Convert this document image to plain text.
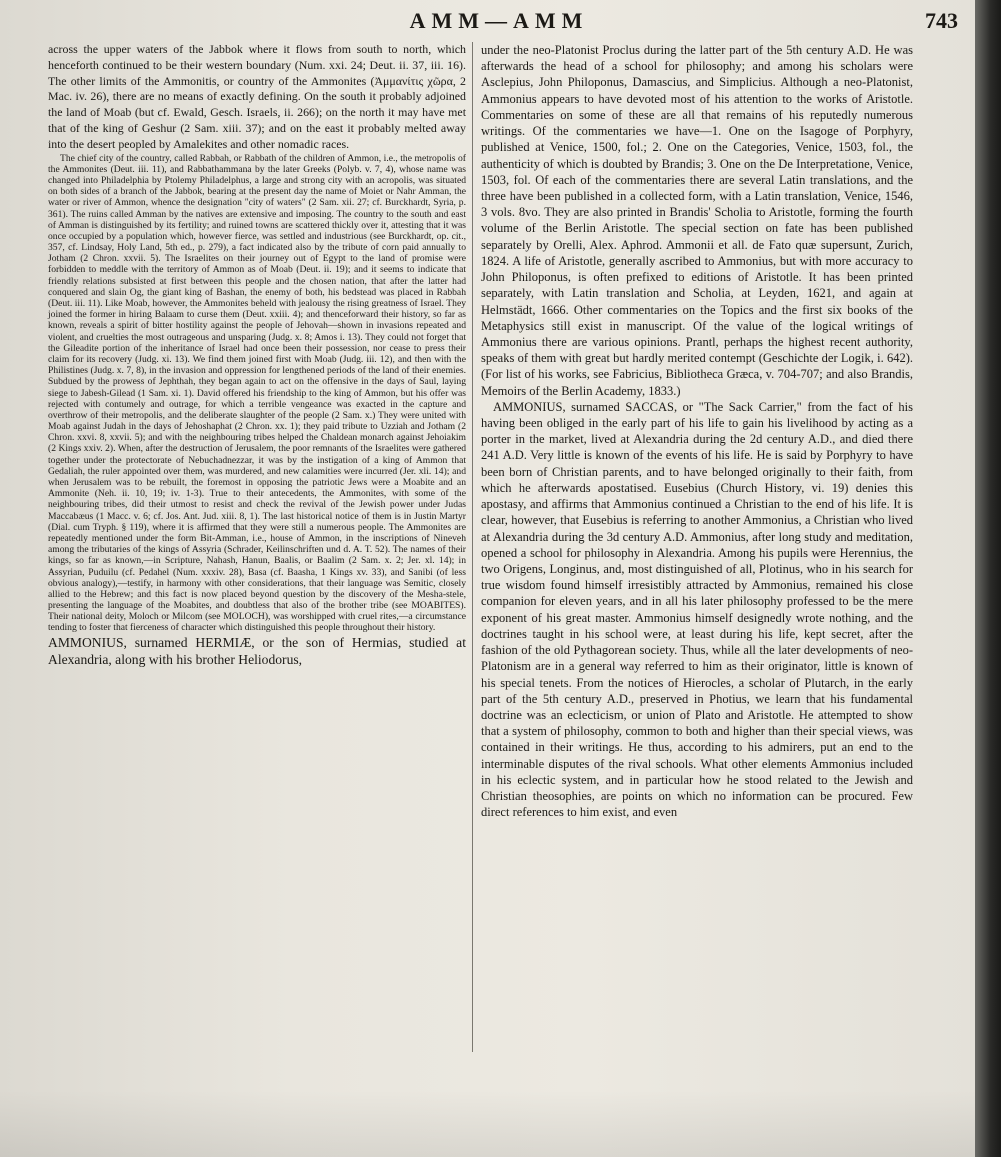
AMM—AMM	743

across the upper waters of the Jabbok where it flows from south to north, which henceforth continued to be their western boundary (Num. xxi. 24; Deut. ii. 37, iii. 16). The other limits of the Ammonitis, or country of the Ammonites (Ἀμμανίτις χῶρα, 2 Mac. iv. 26), there are no means of exactly defining. On the south it probably adjoined the land of Moab (but cf. Ewald, Gesch. Israels, ii. 266); on the north it may have met that of the king of Geshur (2 Sam. xiii. 37); and on the east it probably melted away into the desert peopled by Amalekites and other nomadic races.

The chief city of the country, called Rabbah, or Rabbath of the children of Ammon, i.e., the metropolis of the Ammonites (Deut. iii. 11), and Rabbathammana by the later Greeks (Polyb. v. 7, 4), whose name was changed into Philadelphia by Ptolemy Philadelphus, a large and strong city with an acropolis, was situated on both sides of a branch of the Jabbok, bearing at the present day the name of Moiet or Nahr Amman, the water or river of Ammon, whence the designation "city of waters" (2 Sam. xii. 27; cf. Burckhardt, Syria, p. 361). The ruins called Amman by the natives are extensive and imposing. The country to the south and east of Amman is distinguished by its fertility; and ruined towns are scattered thickly over it, attesting that it was once occupied by a population which, however fierce, was settled and industrious (see Burckhardt, op. cit., 357, cf. Lindsay, Holy Land, 5th ed., p. 279), a fact indicated also by the tribute of corn paid annually to Jotham (2 Chron. xxvii. 5). The Israelites on their journey out of Egypt to the land of promise were forbidden to meddle with the territory of Ammon as of Moab (Deut. ii. 19); and it seems to indicate that friendly relations subsisted at first between this people and the chosen nation, that after the latter had conquered and slain Og, the giant king of Bashan, the enemy of both, his bedstead was placed in Rabbah (Deut. iii. 11). Like Moab, however, the Ammonites beheld with jealousy the rising greatness of Israel. They joined the former in hiring Balaam to curse them (Deut. xxiii. 4); and thenceforward their history, so far as known, reveals a spirit of bitter hostility against the people of Jehovah—shown in invasions repeated and violent, and cruelties the most outrageous and unsparing (Judg. x. 8; Amos i. 13). They could not forget that the Gileadite portion of the inheritance of Israel had once been their possession, nor cease to press their claim for its recovery (Judg. xi. 13). We find them joined first with Moab (Judg. iii. 12), and then with the Philistines (Judg. x. 7, 8), in the invasion and oppression for lengthened periods of the land of their enemies. Subdued by the prowess of Jephthah, they began again to act on the offensive in the days of Saul, laying siege to Jabesh-Gilead (1 Sam. xi. 1). David offered his friendship to the king of Ammon, but his offer was rejected with contumely and outrage, for which a terrible vengeance was exacted in the capture and overthrow of their metropolis, and the deliberate slaughter of the people (2 Sam. x.) They were united with Moab against Judah in the days of Jehoshaphat (2 Chron. xx. 1); they paid tribute to Uzziah and Jotham (2 Chron. xxvi. 8, xxvii. 5); and with the neighbouring tribes helped the Chaldean monarch against Jehoiakim (2 Kings xxiv. 2). When, after the destruction of Jerusalem, the poor remnants of the Israelites were gathered together under the protectorate of Nebuchadnezzar, it was by the instigation of a king of Ammon that Gedaliah, the ruler appointed over them, was murdered, and new calamities were incurred (Jer. xli. 14); and when Jerusalem was to be rebuilt, the foremost in opposing the patriotic Jews were a Moabite and an Ammonite (Neh. ii. 10, 19; iv. 1-3). True to their antecedents, the Ammonites, with some of the neighbouring tribes, did their utmost to resist and check the revival of the Jewish power under Judas Maccabæus (1 Macc. v. 6; cf. Jos. Ant. Jud. xiii. 8, 1). The last historical notice of them is in Justin Martyr (Dial. cum Tryph. § 119), where it is affirmed that they were still a numerous people. The Ammonites are repeatedly mentioned under the form Bit-Amman, i.e., house of Ammon, in the inscriptions of Nineveh among the tributaries of the kings of Assyria (Schrader, Keilinschriften und d. A. T. 52). The names of their kings, so far as known,—in Scripture, Nahash, Hanun, Baalis, or Baalim (2 Sam. x. 2; Jer. xl. 14); in Assyrian, Puduilu (cf. Pedahel (Num. xxxiv. 28), Basa (cf. Baasha, 1 Kings xv. 33), and Sanibi (of less obvious analogy),—testify, in harmony with other considerations, that their language was Semitic, closely allied to the Hebrew; and this fact is now placed beyond question by the discovery of the Mesha-stele, presenting the language of the Moabites, and doubtless that also of the brother tribe (see MOABITES). Their national deity, Moloch or Milcom (see MOLOCH), was worshipped with cruel rites,—a circumstance tending to foster that fierceness of character which distinguished this people throughout their history.

AMMONIUS, surnamed HERMIÆ, or the son of Hermias, studied at Alexandria, along with his brother Heliodorus,

under the neo-Platonist Proclus during the latter part of the 5th century A.D. He was afterwards the head of a school for philosophy; and among his scholars were Asclepius, John Philoponus, Damascius, and Simplicius. Although a neo-Platonist, Ammonius appears to have devoted most of his attention to the works of Aristotle. Commentaries on some of these are all that remains of his reputedly numerous writings. Of the commentaries we have—1. One on the Isagoge of Porphyry, published at Venice, 1500, fol.; 2. One on the Categories, Venice, 1503, fol., the authenticity of which is doubted by Brandis; 3. One on the De Interpretatione, Venice, 1503, fol. Of each of the commentaries there are several Latin translations, and the three have been published in a collected form, with a Latin translation, Venice, 1546, 3 vols. 8vo. They are also printed in Brandis' Scholia to Aristotle, forming the fourth volume of the Berlin Aristotle. The special section on fate has been published separately by Orelli, Alex. Aphrod. Ammonii et all. de Fato quæ supersunt, Zurich, 1824. A life of Aristotle, generally ascribed to Ammonius, but with more accuracy to John Philoponus, is often prefixed to editions of Aristotle. It has been printed separately, with Latin translation and Scholia, at Leyden, 1621, and again at Helmstädt, 1666. Other commentaries on the Topics and the first six books of the Metaphysics still exist in manuscript. Of the value of the logical writings of Ammonius there are various opinions. Prantl, perhaps the highest recent authority, speaks of them with great but hardly merited contempt (Geschichte der Logik, i. 642). (For list of his works, see Fabricius, Bibliotheca Græca, v. 704-707; and also Brandis, Memoirs of the Berlin Academy, 1833.)

AMMONIUS, surnamed SACCAS, or "The Sack Carrier," from the fact of his having been obliged in the early part of his life to gain his livelihood by acting as a porter in the market, lived at Alexandria during the 2d century A.D., and died there 241 A.D. Very little is known of the events of his life. He is said by Porphyry to have been born of Christian parents, and to have belonged originally to their faith, from which he afterwards apostatised. Eusebius (Church History, vi. 19) denies this apostasy, and affirms that Ammonius continued a Christian to the end of his life. It is clear, however, that Eusebius is referring to another Ammonius, a Christian who lived at Alexandria during the 3d century A.D. Ammonius, after long study and meditation, opened a school for philosophy in Alexandria. Among his pupils were Herennius, the two Origens, Longinus, and, most distinguished of all, Plotinus, who in his search for true wisdom found himself irresistibly attracted by Ammonius, remained his close companion for eleven years, and in all his later philosophy professed to be the mere exponent of his great master. Ammonius himself designedly wrote nothing, and the doctrines taught in his school were, at least during his life, kept secret, after the fashion of the old Pythagorean society. Thus, while all the later developments of neo-Platonism are in a general way referred to him as their originator, little is known of his special tenets. From the notices of Hierocles, a scholar of Plutarch, in the early part of the 5th century A.D., preserved in Photius, we learn that his fundamental doctrine was an eclecticism, or union of Plato and Aristotle. He attempted to show that a system of philosophy, common to both and higher than their special views, was contained in their writings. He thus, according to his admirers, put an end to the interminable disputes of the rival schools. What other elements Ammonius included in his eclectic system, and in particular how he stood related to the Jewish and Christian theosophies, are points on which no information can be procured. Few direct references to him exist, and even
